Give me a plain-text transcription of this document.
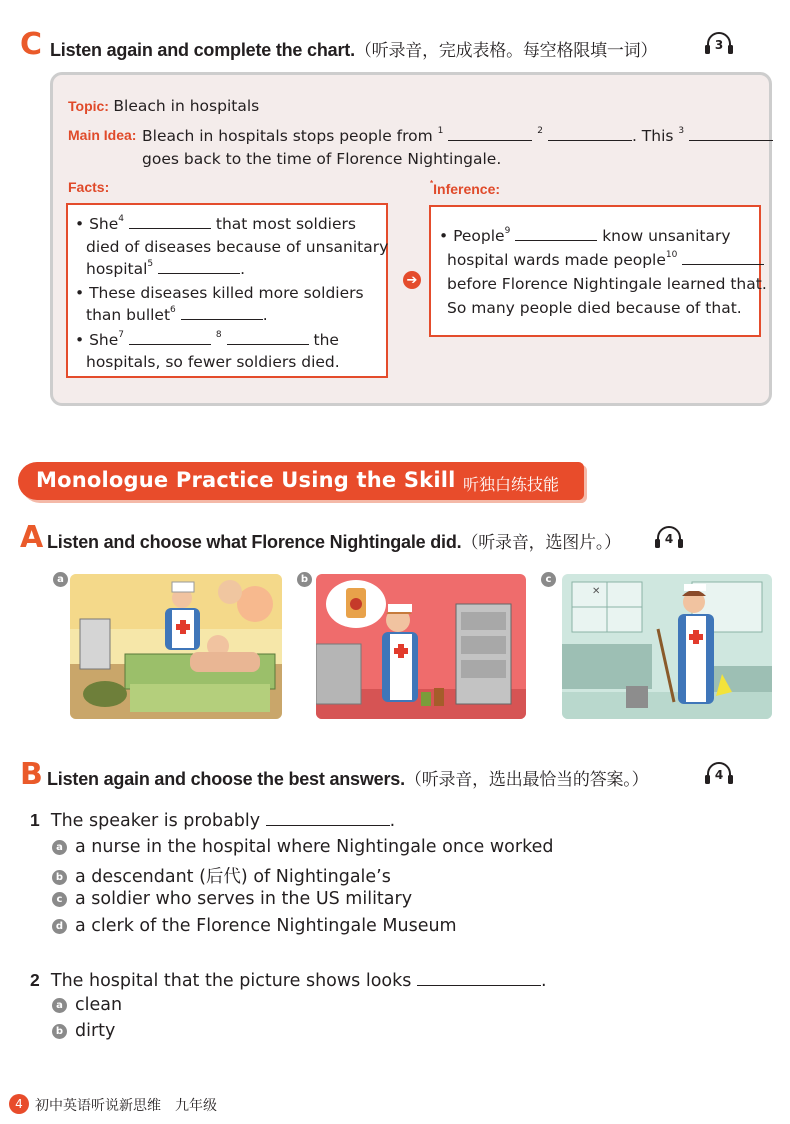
C Listen again and complete the chart.（听录音，完成表格。每空格限填一词）	3
Topic: Bleach in hospitals
Main Idea: Bleach in hospitals stops people from $^1$	$^2$	. This $^3$
goes back to the time of Florence Nightingale.
Facts:	*Inference:
• She$^4$	that most soldiers
died of diseases because of unsanitary
hospital$^5$	.
• These diseases killed more soldiers
than bullet$^6$	.
• She$^7$	$^8$	the
hospitals, so fewer soldiers died.
➔
• People$^9$	know unsanitary
hospital wards made people$^{10}$
before Florence Nightingale learned that.
So many people died because of that.
Monologue Practice Using the Skill 听独白练技能
A Listen and choose what Florence Nightingale did.（听录音，选图片。）	4
a	b	c
✕
B Listen again and choose the best answers.（听录音，选出最恰当的答案。）	4
1 The speaker is probably	.
a a nurse in the hospital where Nightingale once worked
b a descendant (后代) of Nightingale’s
c a soldier who serves in the US military
d a clerk of the Florence Nightingale Museum
2 The hospital that the picture shows looks	.
a clean
b dirty
4 初中英语听说新思维　九年级
